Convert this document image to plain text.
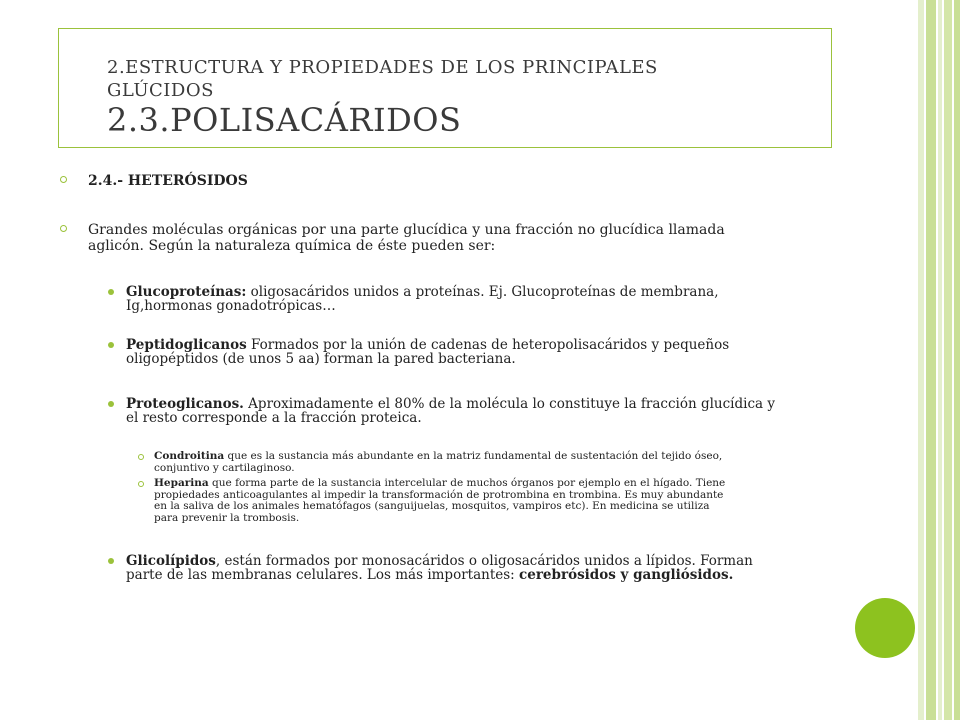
2.ESTRUCTURA Y PROPIEDADES DE LOS PRINCIPALES
GLÚCIDOS
2.3.POLISACÁRIDOS
2.4.- HETERÓSIDOS
Grandes moléculas orgánicas por una parte glucídica y una fracción no glucídica llamada
aglicón. Según la naturaleza química de éste pueden ser:
Glucoproteínas: oligosacáridos unidos a proteínas. Ej. Glucoproteínas de membrana,
Ig,hormonas gonadotrópicas…
Peptidoglicanos Formados por la unión de cadenas de heteropolisacáridos y pequeños
oligopéptidos (de unos 5 aa) forman la pared bacteriana.
Proteoglicanos. Aproximadamente el 80% de la molécula lo constituye la fracción glucídica y
el resto corresponde a la fracción proteica.
Condroitina que es la sustancia más abundante en la matriz fundamental de sustentación del tejido óseo,
conjuntivo y cartilaginoso.
Heparina que forma parte de la sustancia intercelular de muchos órganos por ejemplo en el hígado. Tiene
propiedades anticoagulantes al impedir la transformación de protrombina en trombina. Es muy abundante
en la saliva de los animales hematófagos (sanguijuelas, mosquitos, vampiros etc). En medicina se utiliza
para prevenir la trombosis.
Glicolípidos, están formados por monosacáridos o oligosacáridos unidos a lípidos. Forman
parte de las membranas celulares. Los más importantes: cerebrósidos y gangliósidos.
